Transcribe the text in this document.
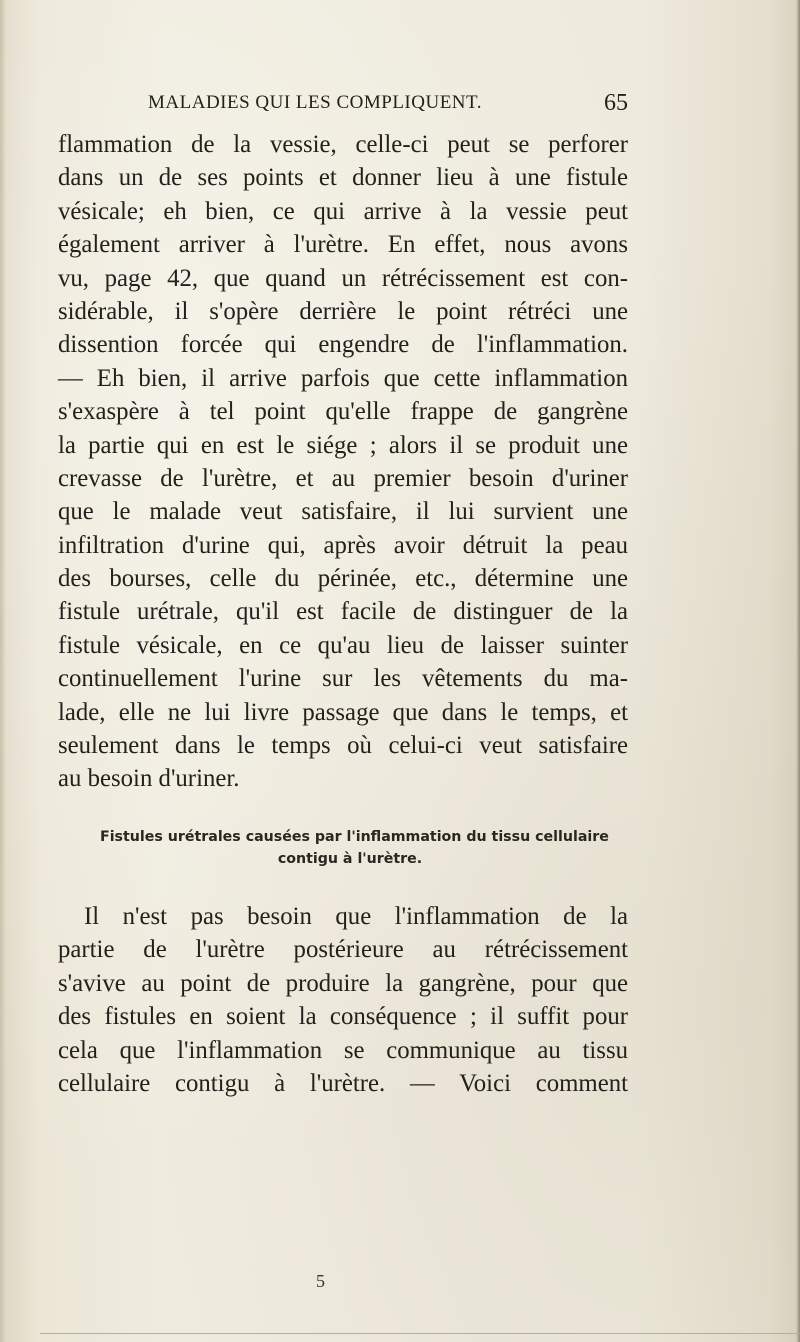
MALADIES QUI LES COMPLIQUENT.	65
flammation de la vessie, celle-ci peut se perforer
dans un de ses points et donner lieu à une fistule
vésicale; eh bien, ce qui arrive à la vessie peut
également arriver à l'urètre. En effet, nous avons
vu, page 42, que quand un rétrécissement est con-
sidérable, il s'opère derrière le point rétréci une
dissention forcée qui engendre de l'inflammation.
— Eh bien, il arrive parfois que cette inflammation
s'exaspère à tel point qu'elle frappe de gangrène
la partie qui en est le siége ; alors il se produit une
crevasse de l'urètre, et au premier besoin d'uriner
que le malade veut satisfaire, il lui survient une
infiltration d'urine qui, après avoir détruit la peau
des bourses, celle du périnée, etc., détermine une
fistule urétrale, qu'il est facile de distinguer de la
fistule vésicale, en ce qu'au lieu de laisser suinter
continuellement l'urine sur les vêtements du ma-
lade, elle ne lui livre passage que dans le temps, et
seulement dans le temps où celui-ci veut satisfaire
au besoin d'uriner.
Fistules urétrales causées par l'inflammation du tissu cellulaire
contigu à l'urètre.
Il n'est pas besoin que l'inflammation de la
partie de l'urètre postérieure au rétrécissement
s'avive au point de produire la gangrène, pour que
des fistules en soient la conséquence ; il suffit pour
cela que l'inflammation se communique au tissu
cellulaire contigu à l'urètre. — Voici comment
5
